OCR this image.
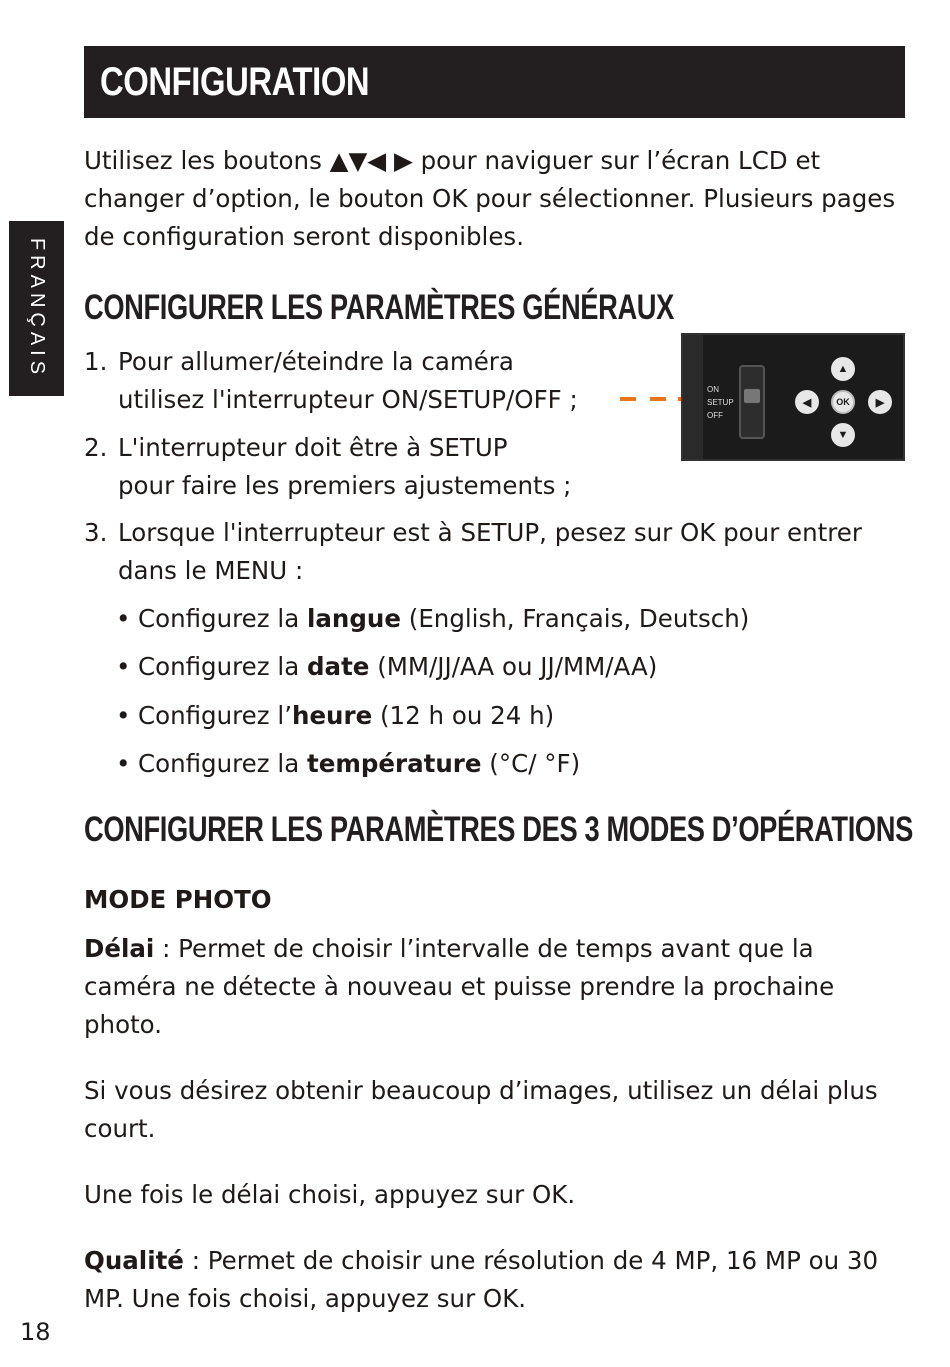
CONFIGURATION
FRANÇAIS

Utilisez les boutons ▲▼◀ ▶ pour naviguer sur l’écran LCD et changer d’option, le bouton OK pour sélectionner. Plusieurs pages de configuration seront disponibles.

CONFIGURER LES PARAMÈTRES GÉNÉRAUX
1. Pour allumer/éteindre la caméra
utilisez l'interrupteur ON/SETUP/OFF ;
2. L'interrupteur doit être à SETUP
pour faire les premiers ajustements ;
3. Lorsque l'interrupteur est à SETUP, pesez sur OK pour entrer
dans le MENU :
ON
SETUP
OFF
▲
▼
◀	▶
OK
• Configurez la langue (English, Français, Deutsch)
• Configurez la date (MM/JJ/AA ou JJ/MM/AA)
• Configurez l’heure (12 h ou 24 h)
• Configurez la température (°C/ °F)
CONFIGURER LES PARAMÈTRES DES 3 MODES D’OPÉRATIONS

MODE PHOTO

Délai : Permet de choisir l’intervalle de temps avant que la caméra ne détecte à nouveau et puisse prendre la prochaine photo.

Si vous désirez obtenir beaucoup d’images, utilisez un délai plus court.

Une fois le délai choisi, appuyez sur OK.

Qualité : Permet de choisir une résolution de 4 MP, 16 MP ou 30 MP. Une fois choisi, appuyez sur OK.

18
